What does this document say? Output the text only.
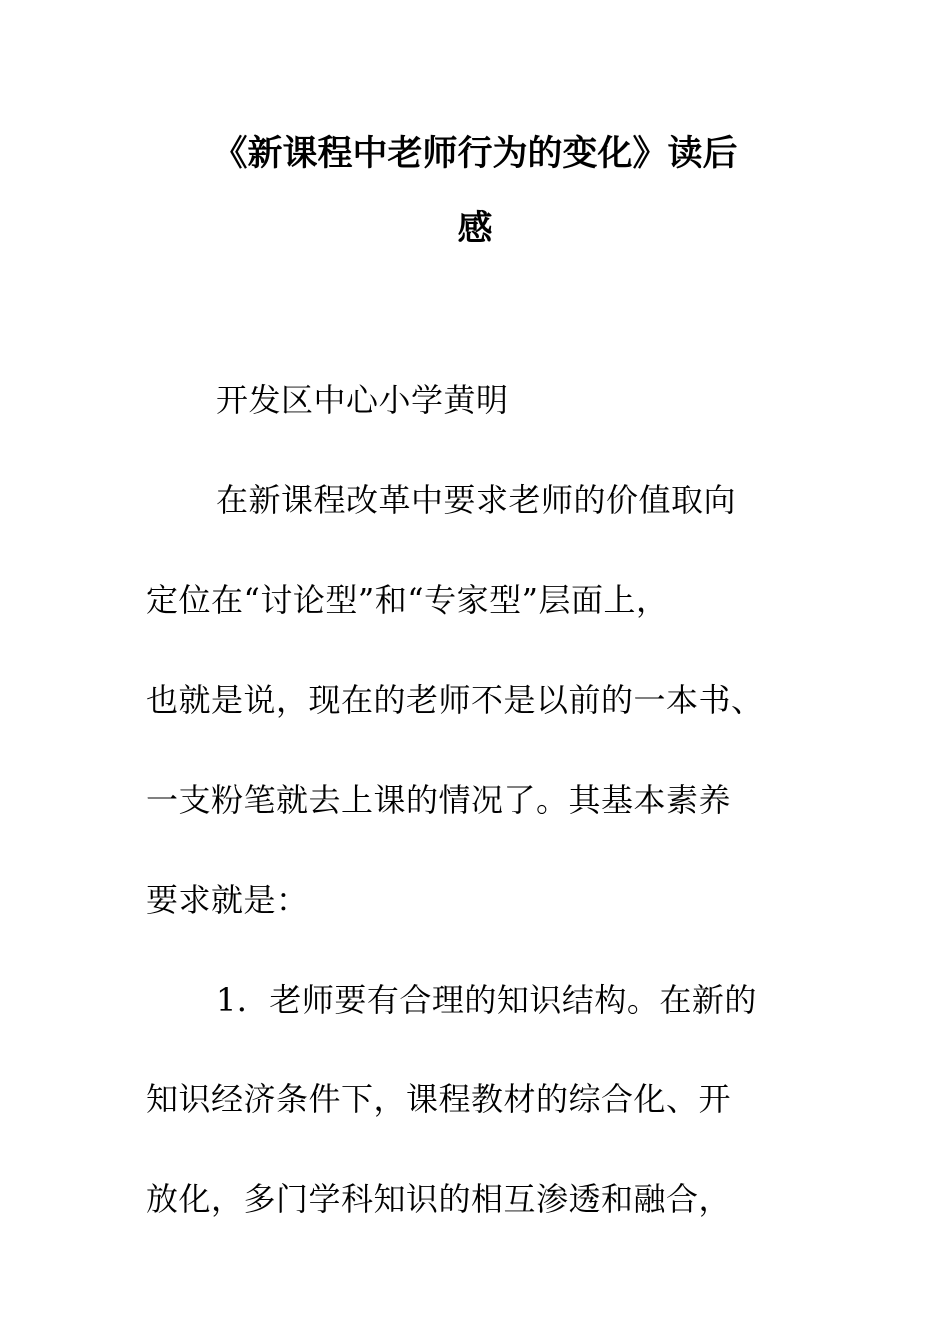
《新课程中老师行为的变化》读后
感
开发区中心小学黄明
在新课程改革中要求老师的价值取向
定位在“讨论型”和“专家型”层面上，
也就是说，现在的老师不是以前的一本书、
一支粉笔就去上课的情况了。其基本素养
要求就是：
1．老师要有合理的知识结构。在新的
知识经济条件下，课程教材的综合化、开
放化，多门学科知识的相互渗透和融合，
